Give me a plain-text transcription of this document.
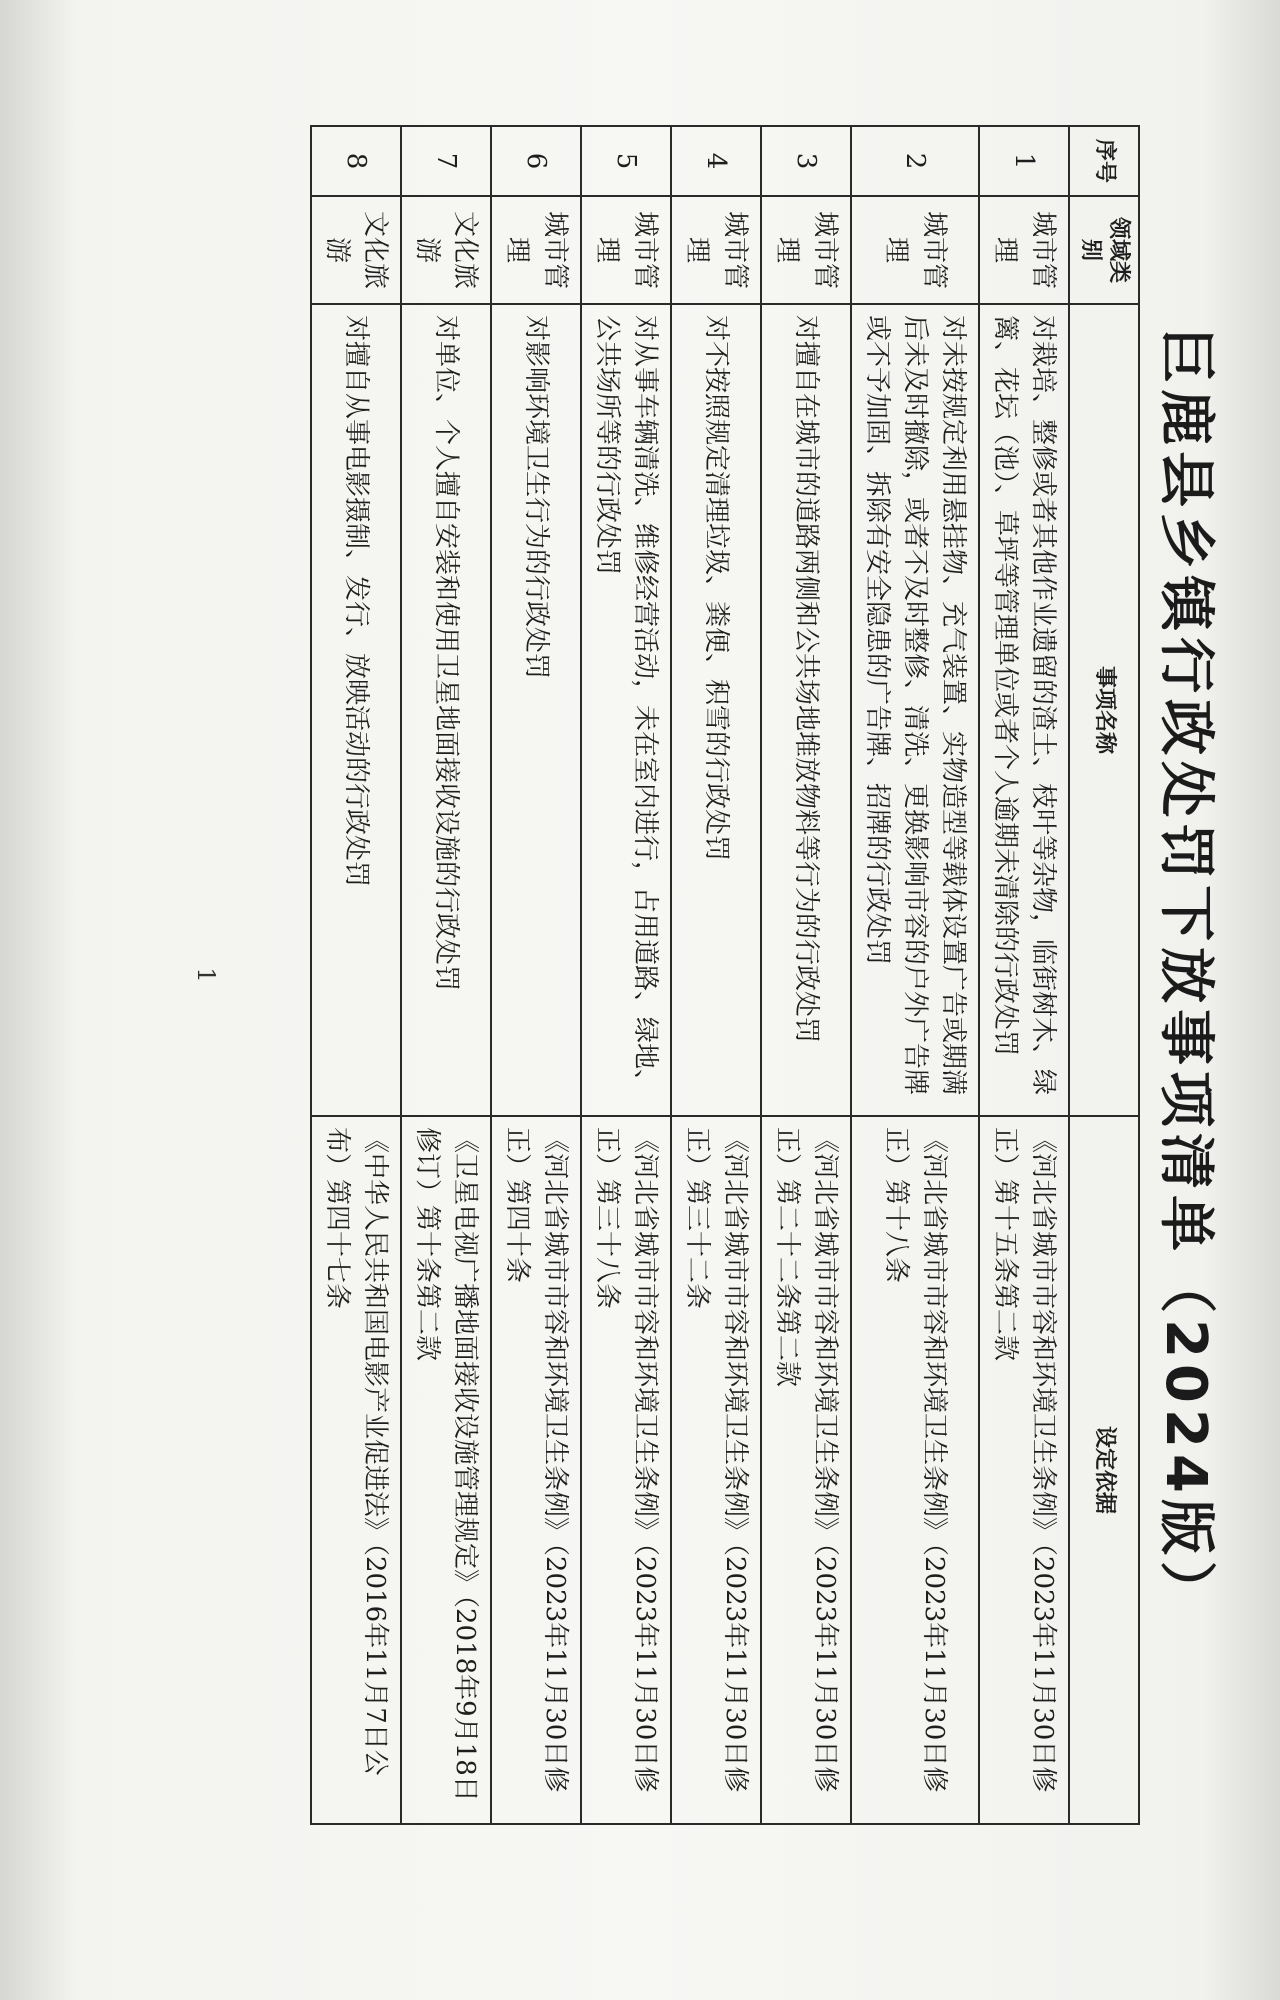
巨鹿县乡镇行政处罚下放事项清单（2024版）
序号	领域类别	事项名称	设定依据
1	城市管理	对栽培、整修或者其他作业遗留的渣土、枝叶等杂物，临街树木、绿篱、花坛（池）、草坪等管理单位或者个人逾期未清除的行政处罚	《河北省城市市容和环境卫生条例》（2023年11月30日修正）第十五条第二款
2	城市管理	对未按规定利用悬挂物、充气装置、实物造型等载体设置广告或期满后未及时撤除，或者不及时整修、清洗、更换影响市容的户外广告牌或不予加固、拆除有安全隐患的广告牌、招牌的行政处罚	《河北省城市市容和环境卫生条例》（2023年11月30日修正）第十八条
3	城市管理	对擅自在城市的道路两侧和公共场地堆放物料等行为的行政处罚	《河北省城市市容和环境卫生条例》（2023年11月30日修正）第二十二条第二款
4	城市管理	对不按照规定清理垃圾、粪便、积雪的行政处罚	《河北省城市市容和环境卫生条例》（2023年11月30日修正）第三十二条
5	城市管理	对从事车辆清洗、维修经营活动，未在室内进行，占用道路、绿地、公共场所等的行政处罚	《河北省城市市容和环境卫生条例》（2023年11月30日修正）第三十八条
6	城市管理	对影响环境卫生行为的行政处罚	《河北省城市市容和环境卫生条例》（2023年11月30日修正）第四十条
7	文化旅游	对单位、个人擅自安装和使用卫星地面接收设施的行政处罚	《卫星电视广播地面接收设施管理规定》（2018年9月18日修订）第十条第二款
8	文化旅游	对擅自从事电影摄制、发行、放映活动的行政处罚	《中华人民共和国电影产业促进法》（2016年11月7日公布）第四十七条
1
